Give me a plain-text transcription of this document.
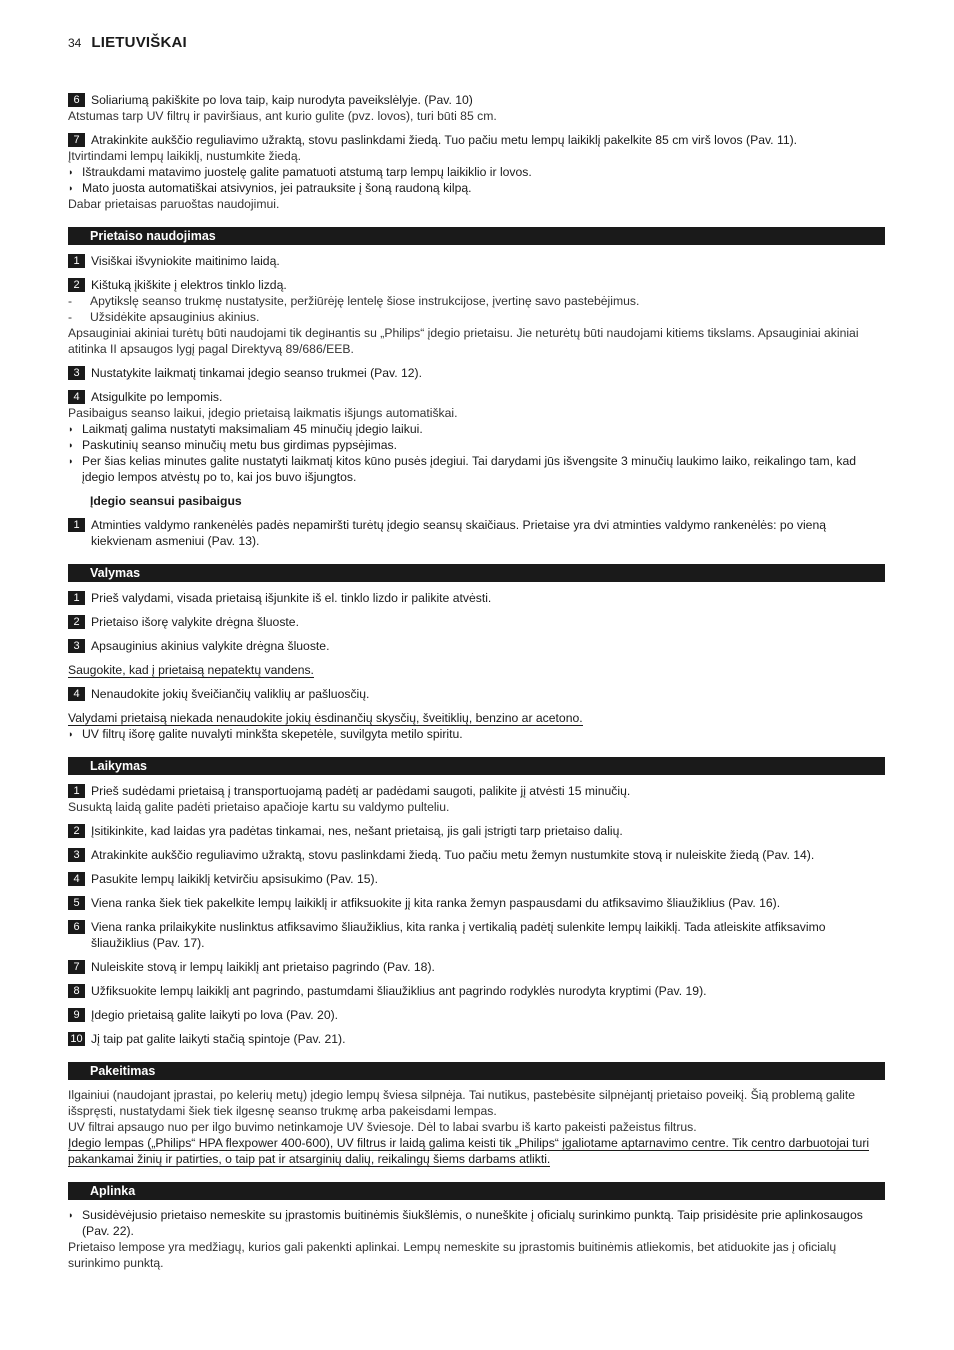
34 LIETUVIŠKAI
6 Soliariumą pakiškite po lova taip, kaip nurodyta paveikslėlyje. (Pav. 10)
Atstumas tarp UV filtrų ir paviršiaus, ant kurio gulite (pvz. lovos), turi būti 85 cm.
7 Atrakinkite aukščio reguliavimo užraktą, stovu paslinkdami žiedą. Tuo pačiu metu lempų laikiklį pakelkite 85 cm virš lovos (Pav. 11).
Įtvirtindami lempų laikiklį, nustumkite žiedą.
◗ Ištraukdami matavimo juostelę galite pamatuoti atstumą tarp lempų laikiklio ir lovos.
◗ Mato juosta automatiškai atsivynios, jei patrauksite į šoną raudoną kilpą.
Dabar prietaisas paruoštas naudojimui.
Prietaiso naudojimas
1 Visiškai išvyniokite maitinimo laidą.
2 Kištuką įkiškite į elektros tinklo lizdą.
-	Apytikslę seanso trukmę nustatysite, peržiūrėję lentelę šiose instrukcijose, įvertinę savo pastebėjimus.
-	Užsidėkite apsauginius akinius.
Apsauginiai akiniai turėtų būti naudojami tik degінantis su „Philips“ įdegio prietaisu. Jie neturėtų būti naudojami kitiems tikslams. Apsauginiai akiniai atitinka II apsaugos lygį pagal Direktyvą 89/686/EEB.
3 Nustatykite laikmatį tinkamai įdegio seanso trukmei (Pav. 12).
4 Atsigulkite po lempomis.
Pasibaigus seanso laikui, įdegio prietaisą laikmatis išjungs automatiškai.
◗ Laikmatį galima nustatyti maksimaliam 45 minučių įdegio laikui.
◗ Paskutinių seanso minučių metu bus girdimas pypsėjimas.
◗ Per šias kelias minutes galite nustatyti laikmatį kitos kūno pusės įdegiui. Tai darydami jūs išvengsite 3 minučių laukimo laiko, reikalingo tam, kad įdegio lempos atvėstų po to, kai jos buvo išjungtos.
Įdegio seansui pasibaigus
1 Atminties valdymo rankenėlės padės nepamiršti turėtų įdegio seansų skaičiaus. Prietaise yra dvi atminties valdymo rankenėlės: po vieną kiekvienam asmeniui (Pav. 13).
Valymas
1 Prieš valydami, visada prietaisą išjunkite iš el. tinklo lizdo ir palikite atvėsti.
2 Prietaiso išorę valykite drėgna šluoste.
3 Apsauginius akinius valykite drėgna šluoste.
Saugokite, kad į prietaisą nepatektų vandens.
4 Nenaudokite jokių šveičiančių valiklių ar pašluosčių.
Valydami prietaisą niekada nenaudokite jokių ėsdinančių skysčių, šveitiklių, benzino ar acetono.
◗ UV filtrų išorę galite nuvalyti minkšta skepetėle, suvilgyta metilo spiritu.
Laikymas
1 Prieš sudėdami prietaisą į transportuojamą padėtį ar padėdami saugoti, palikite jį atvėsti 15 minučių.
Susuktą laidą galite padėti prietaiso apačioje kartu su valdymo pulteliu.
2 Įsitikinkite, kad laidas yra padėtas tinkamai, nes, nešant prietaisą, jis gali įstrigti tarp prietaiso dalių.
3 Atrakinkite aukščio reguliavimo užraktą, stovu paslinkdami žiedą. Tuo pačiu metu žemyn nustumkite stovą ir nuleiskite žiedą (Pav. 14).
4 Pasukite lempų laikiklį ketvirčiu apsisukimo (Pav. 15).
5 Viena ranka šiek tiek pakelkite lempų laikiklį ir atfiksuokite jį kita ranka žemyn paspausdami du atfiksavimo šliaužiklius (Pav. 16).
6 Viena ranka prilaikykite nuslinktus atfiksavimo šliaužiklius, kita ranka į vertikalią padėtį sulenkite lempų laikiklį. Tada atleiskite atfiksavimo šliaužiklius (Pav. 17).
7 Nuleiskite stovą ir lempų laikiklį ant prietaiso pagrindo (Pav. 18).
8 Užfiksuokite lempų laikiklį ant pagrindo, pastumdami šliaužiklius ant pagrindo rodyklės nurodyta kryptimi (Pav. 19).
9 Įdegio prietaisą galite laikyti po lova (Pav. 20).
10 Jį taip pat galite laikyti stačią spintoje (Pav. 21).
Pakeitimas
Ilgainiui (naudojant įprastai, po kelerių metų) įdegio lempų šviesa silpnėja. Tai nutikus, pastebėsite silpnėjantį prietaiso poveikį. Šią problemą galite išspręsti, nustatydami šiek tiek ilgesnę seanso trukmę arba pakeisdami lempas.
UV filtrai apsaugo nuo per ilgo buvimo netinkamoje UV šviesoje. Dėl to labai svarbu iš karto pakeisti pažeistus filtrus.
Įdegio lempas („Philips“ HPA flexpower 400-600), UV filtrus ir laidą galima keisti tik „Philips“ įgaliotame aptarnavimo centre. Tik centro darbuotojai turi pakankamai žinių ir patirties, o taip pat ir atsarginių dalių, reikalingų šiems darbams atlikti.
Aplinka
◗ Susidėvėjusio prietaiso nemeskite su įprastomis buitinėmis šiukšlėmis, o nuneškite į oficialų surinkimo punktą. Taip prisidėsite prie aplinkosaugos (Pav. 22).
Prietaiso lempose yra medžiagų, kurios gali pakenkti aplinkai. Lempų nemeskite su įprastomis buitinėmis atliekomis, bet atiduokite jas į oficialų surinkimo punktą.
